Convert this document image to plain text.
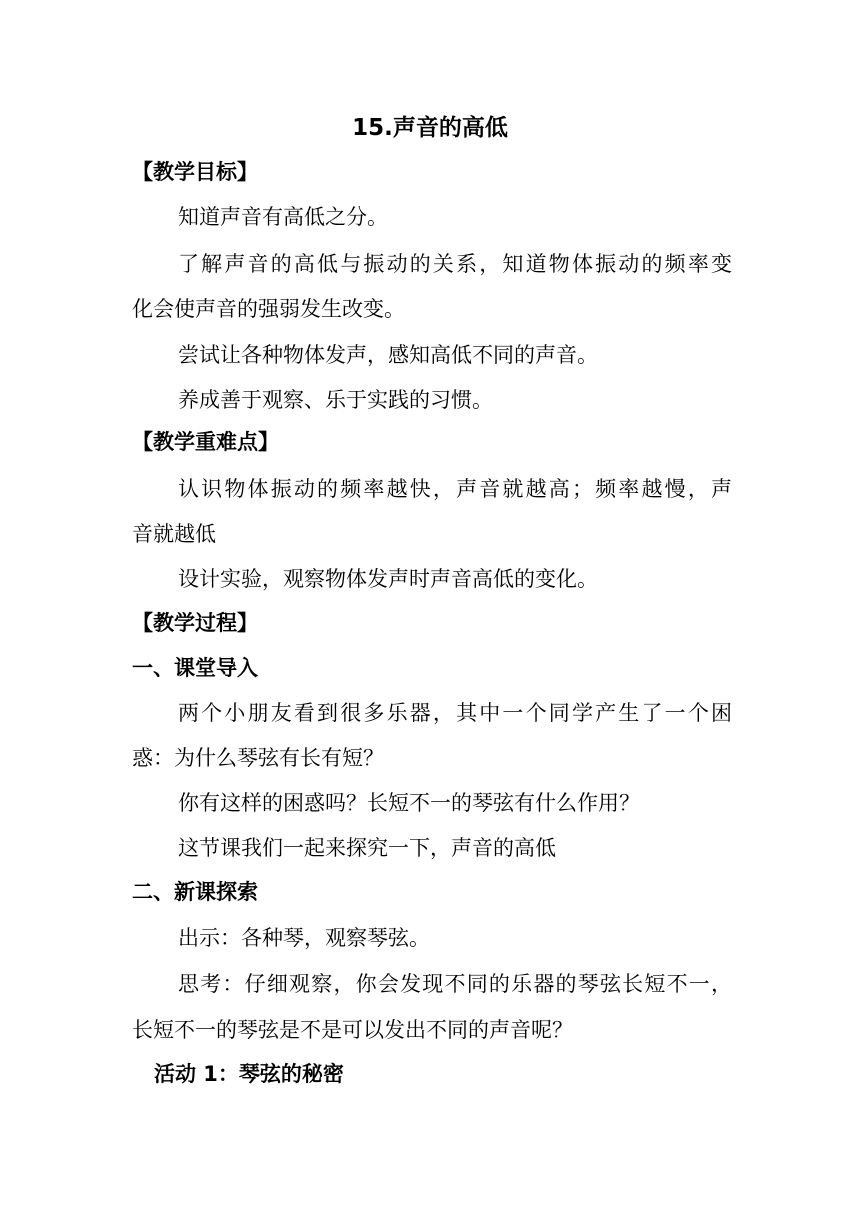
15.声音的高低
【教学目标】
知道声音有高低之分。
了解声音的高低与振动的关系，知道物体振动的频率变
化会使声音的强弱发生改变。
尝试让各种物体发声，感知高低不同的声音。
养成善于观察、乐于实践的习惯。
【教学重难点】
认识物体振动的频率越快，声音就越高；频率越慢，声
音就越低
设计实验，观察物体发声时声音高低的变化。
【教学过程】
一、课堂导入
两个小朋友看到很多乐器，其中一个同学产生了一个困
惑：为什么琴弦有长有短？
你有这样的困惑吗？长短不一的琴弦有什么作用？
这节课我们一起来探究一下，声音的高低
二、新课探索
出示：各种琴，观察琴弦。
思考：仔细观察，你会发现不同的乐器的琴弦长短不一，
长短不一的琴弦是不是可以发出不同的声音呢？
活动 1：琴弦的秘密
